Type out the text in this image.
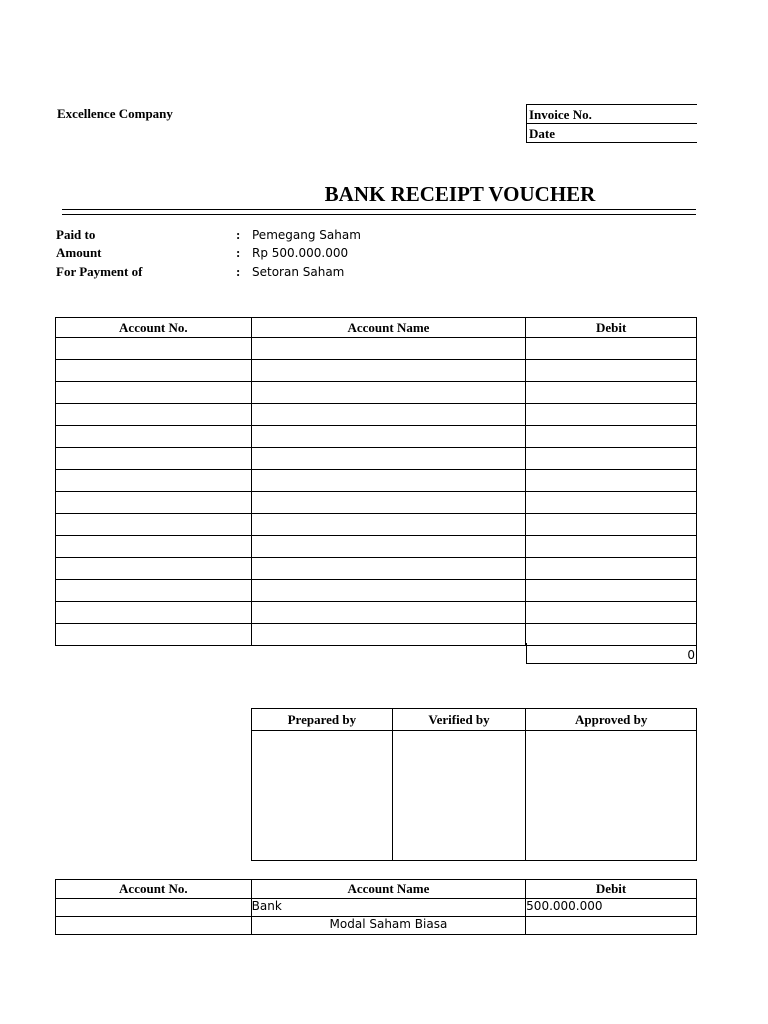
Excellence Company	Invoice No.
Date
BANK RECEIPT VOUCHER
Paid to	: Pemegang Saham
Amount	: Rp 500.000.000
For Payment of	: Setoran Saham
Account No.	Account Name	Debit

0
Prepared by	Verified by	Approved by

Account No.	Account Name	Debit
	Bank	500.000.000
	Modal Saham Biasa	
